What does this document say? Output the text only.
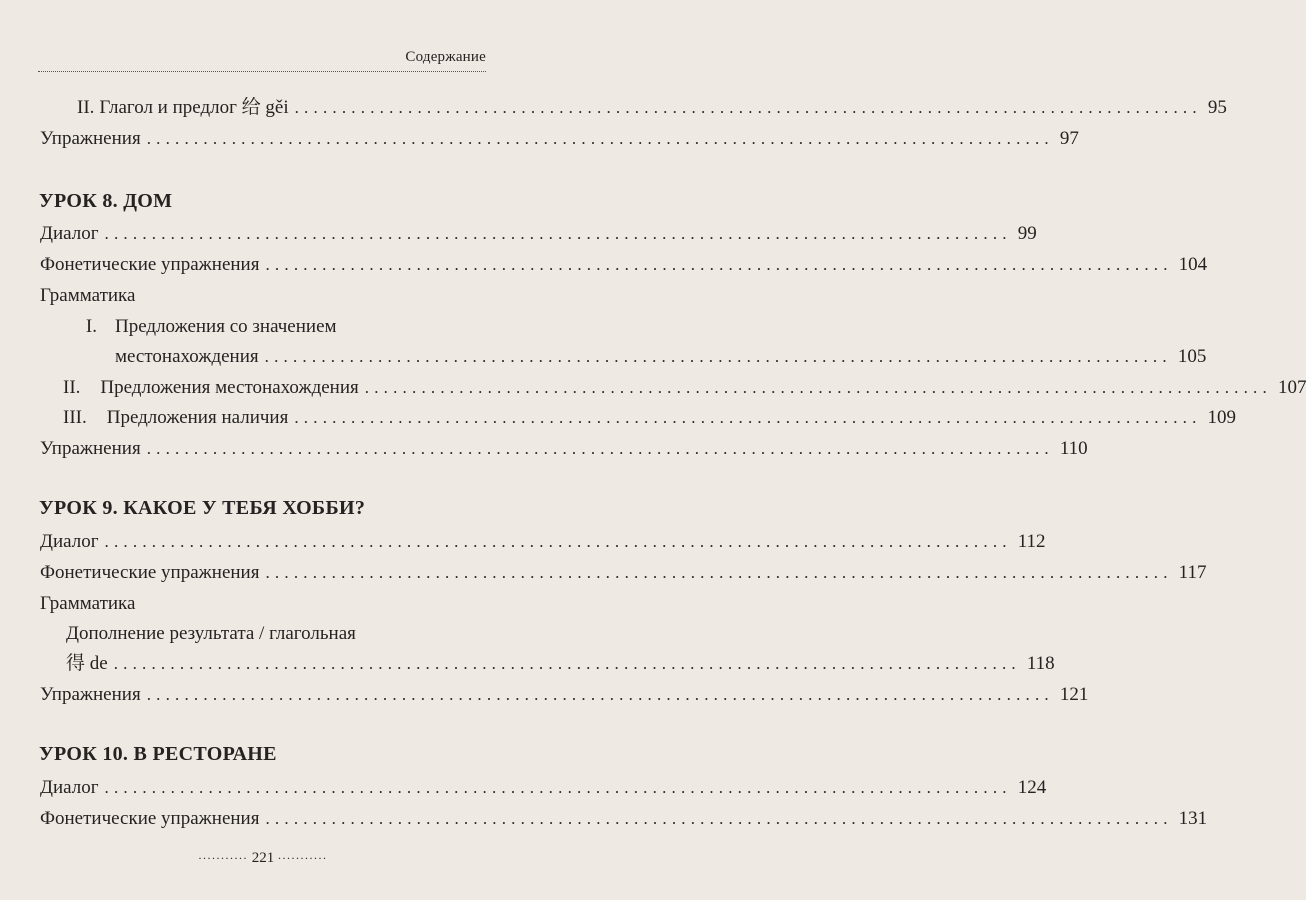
Содержание
II. Глагол и предлог 给 gěi ................................................................................................ 95
Упражнения ................................................................................................ 97
УРОК 8. ДОМ
Диалог ................................................................................................ 99
Фонетические упражнения ................................................................................................ 104
Грамматика
I. Предложения со значением
местонахождения ................................................................................................ 105
II. Предложения местонахождения ................................................................................................ 107
III. Предложения наличия ................................................................................................ 109
Упражнения ................................................................................................ 110
УРОК 9. КАКОЕ У ТЕБЯ ХОББИ?
Диалог ................................................................................................ 112
Фонетические упражнения ................................................................................................ 117
Грамматика
Дополнение результата / глагольная
得 de ................................................................................................ 118
Упражнения ................................................................................................ 121
УРОК 10. В РЕСТОРАНЕ
Диалог ................................................................................................ 124
Фонетические упражнения ................................................................................................ 131
........... 221 ...........
